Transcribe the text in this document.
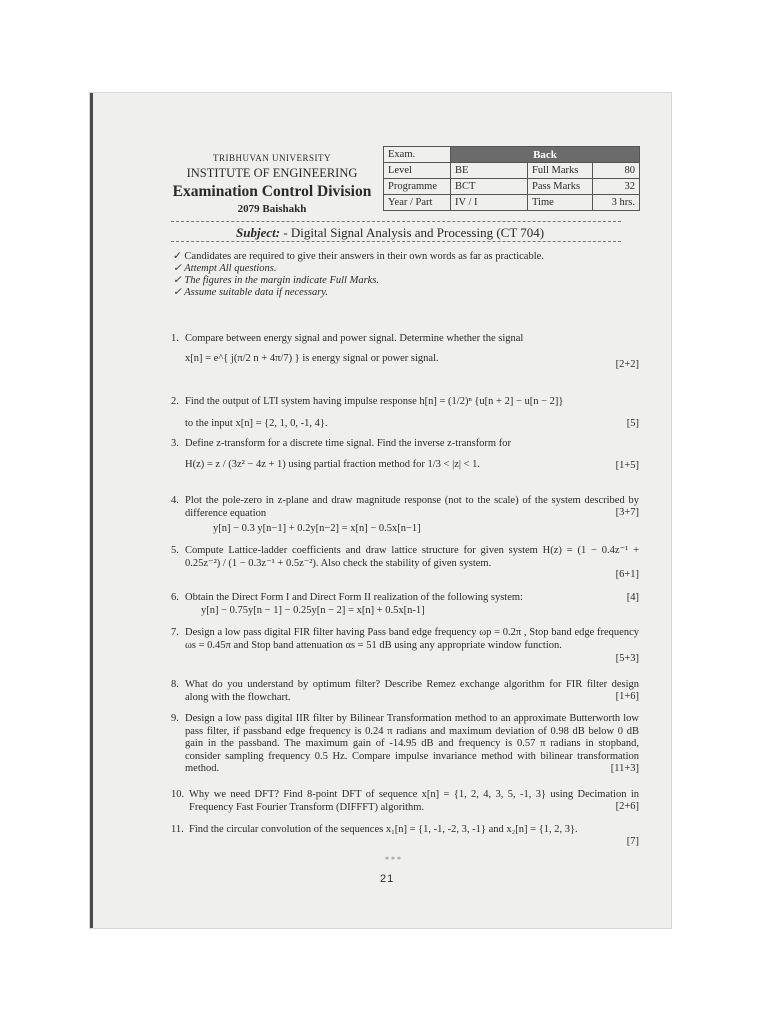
TRIBHUVAN UNIVERSITY
INSTITUTE OF ENGINEERING
Examination Control Division
2079 Baishakh
Exam.	Back		
Level	BE	Full Marks	80
Programme	BCT	Pass Marks	32
Year / Part	IV / I	Time	3 hrs.
Subject: - Digital Signal Analysis and Processing (CT 704)
✓ Candidates are required to give their answers in their own words as far as practicable.
✓ Attempt All questions.
✓ The figures in the margin indicate Full Marks.
✓ Assume suitable data if necessary.
1. Compare between energy signal and power signal. Determine whether the signal
x[n] = e^{ j(π/2 n + 4π/7) } is energy signal or power signal.
[2+2]
2. Find the output of LTI system having impulse response h[n] = (1/2)ⁿ {u[n + 2] − u[n − 2]}
to the input x[n] = {2, 1, 0, -1, 4}.	[5]
3. Define z-transform for a discrete time signal. Find the inverse z-transform for
H(z) = z / (3z² − 4z + 1) using partial fraction method for 1/3 < |z| < 1.	[1+5]
4. Plot the pole-zero in z-plane and draw magnitude response (not to the scale) of the system described by difference equation
y[n] − 0.3 y[n−1] + 0.2y[n−2] = x[n] − 0.5x[n−1]
[3+7]
5. Compute Lattice-ladder coefficients and draw lattice structure for given system H(z) = (1 − 0.4z⁻¹ + 0.25z⁻²) / (1 − 0.3z⁻¹ + 0.5z⁻²). Also check the stability of given system.
[6+1]
6. Obtain the Direct Form I and Direct Form II realization of the following system:
y[n] − 0.75y[n − 1] − 0.25y[n − 2] = x[n] + 0.5x[n-1]
[4]
7. Design a low pass digital FIR filter having Pass band edge frequency ωp = 0.2π , Stop band edge frequency ωs = 0.45π and Stop band attenuation αs = 51 dB using any appropriate window function.
[5+3]
8. What do you understand by optimum filter? Describe Remez exchange algorithm for FIR filter design along with the flowchart.	[1+6]
9. Design a low pass digital IIR filter by Bilinear Transformation method to an approximate Butterworth low pass filter, if passband edge frequency is 0.24 π radians and maximum deviation of 0.98 dB below 0 dB gain in the passband. The maximum gain of -14.95 dB and frequency is 0.57 π radians in stopband, consider sampling frequency 0.5 Hz. Compare impulse invariance method with bilinear transformation method.	[11+3]
10. Why we need DFT? Find 8-point DFT of sequence x[n] = {1, 2, 4, 3, 5, -1, 3} using Decimation in Frequency Fast Fourier Transform (DIFFFT) algorithm.	[2+6]
11. Find the circular convolution of the sequences x₁[n] = {1, -1, -2, 3, -1} and x₂[n] = {1, 2, 3}.
[7]
* * *
21
